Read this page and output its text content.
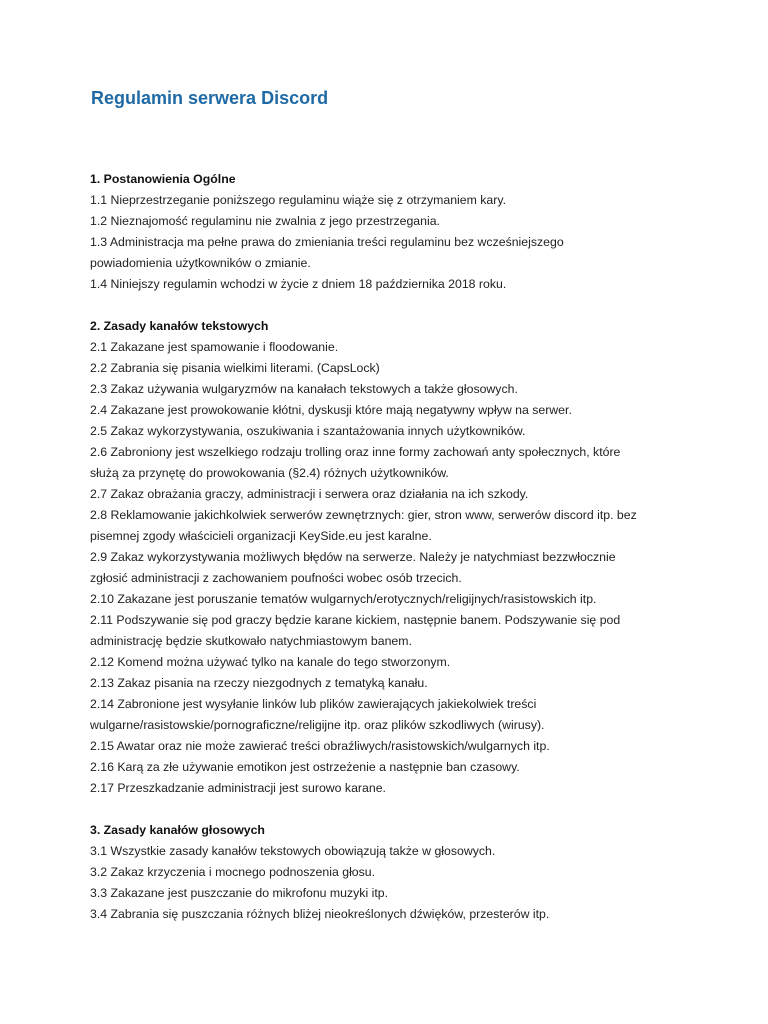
Regulamin serwera Discord

1. Postanowienia Ogólne

1.1 Nieprzestrzeganie poniższego regulaminu wiąże się z otrzymaniem kary.

1.2 Nieznajomość regulaminu nie zwalnia z jego przestrzegania.

1.3 Administracja ma pełne prawa do zmieniania treści regulaminu bez wcześniejszego

powiadomienia użytkowników o zmianie.

1.4 Niniejszy regulamin wchodzi w życie z dniem 18 października 2018 roku.

2. Zasady kanałów tekstowych

2.1 Zakazane jest spamowanie i floodowanie.

2.2 Zabrania się pisania wielkimi literami. (CapsLock)

2.3 Zakaz używania wulgaryzmów na kanałach tekstowych a także głosowych.

2.4 Zakazane jest prowokowanie kłótni, dyskusji które mają negatywny wpływ na serwer.

2.5 Zakaz wykorzystywania, oszukiwania i szantażowania innych użytkowników.

2.6 Zabroniony jest wszelkiego rodzaju trolling oraz inne formy zachowań anty społecznych, które

służą za przynętę do prowokowania (§2.4) różnych użytkowników.

2.7 Zakaz obrażania graczy, administracji i serwera oraz działania na ich szkody.

2.8 Reklamowanie jakichkolwiek serwerów zewnętrznych: gier, stron www, serwerów discord itp. bez

pisemnej zgody właścicieli organizacji KeySide.eu jest karalne.

2.9 Zakaz wykorzystywania możliwych błędów na serwerze. Należy je natychmiast bezzwłocznie

zgłosić administracji z zachowaniem poufności wobec osób trzecich.

2.10 Zakazane jest poruszanie tematów wulgarnych/erotycznych/religijnych/rasistowskich itp.

2.11 Podszywanie się pod graczy będzie karane kickiem, następnie banem. Podszywanie się pod

administrację będzie skutkowało natychmiastowym banem.

2.12 Komend można używać tylko na kanale do tego stworzonym.

2.13 Zakaz pisania na rzeczy niezgodnych z tematyką kanału.

2.14 Zabronione jest wysyłanie linków lub plików zawierających jakiekolwiek treści

wulgarne/rasistowskie/pornograficzne/religijne itp. oraz plików szkodliwych (wirusy).

2.15 Awatar oraz nie może zawierać treści obraźliwych/rasistowskich/wulgarnych itp.

2.16 Karą za złe używanie emotikon jest ostrzeżenie a następnie ban czasowy.

2.17 Przeszkadzanie administracji jest surowo karane.

3. Zasady kanałów głosowych

3.1 Wszystkie zasady kanałów tekstowych obowiązują także w głosowych.

3.2 Zakaz krzyczenia i mocnego podnoszenia głosu.

3.3 Zakazane jest puszczanie do mikrofonu muzyki itp.

3.4 Zabrania się puszczania różnych bliżej nieokreślonych dźwięków, przesterów itp.
